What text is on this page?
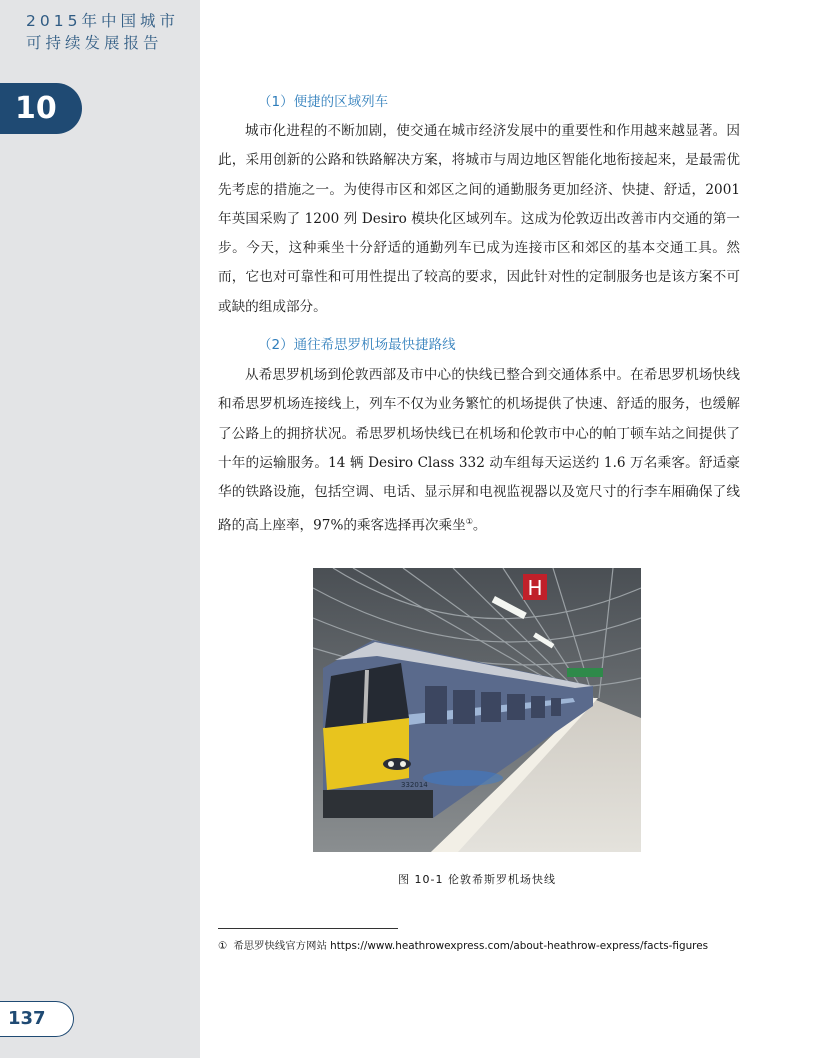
2015年中国城市
可持续发展报告
10
137
（1）便捷的区域列车

城市化进程的不断加剧，使交通在城市经济发展中的重要性和作用越来越显著。因此，采用创新的公路和铁路解决方案，将城市与周边地区智能化地衔接起来，是最需优先考虑的措施之一。为使得市区和郊区之间的通勤服务更加经济、快捷、舒适，2001 年英国采购了 1200 列 Desiro 模块化区域列车。这成为伦敦迈出改善市内交通的第一步。今天，这种乘坐十分舒适的通勤列车已成为连接市区和郊区的基本交通工具。然而，它也对可靠性和可用性提出了较高的要求，因此针对性的定制服务也是该方案不可或缺的组成部分。

（2）通往希思罗机场最快捷路线

从希思罗机场到伦敦西部及市中心的快线已整合到交通体系中。在希思罗机场快线和希思罗机场连接线上，列车不仅为业务繁忙的机场提供了快速、舒适的服务，也缓解了公路上的拥挤状况。希思罗机场快线已在机场和伦敦市中心的帕丁顿车站之间提供了十年的运输服务。14 辆 Desiro Class 332 动车组每天运送约 1.6 万名乘客。舒适豪华的铁路设施，包括空调、电话、显示屏和电视监视器以及宽尺寸的行李车厢确保了线路的高上座率，97%的乘客选择再次乘坐①。

H
332014
图 10-1 伦敦希斯罗机场快线
① 希思罗快线官方网站 https://www.heathrowexpress.com/about-heathrow-express/facts-figures
